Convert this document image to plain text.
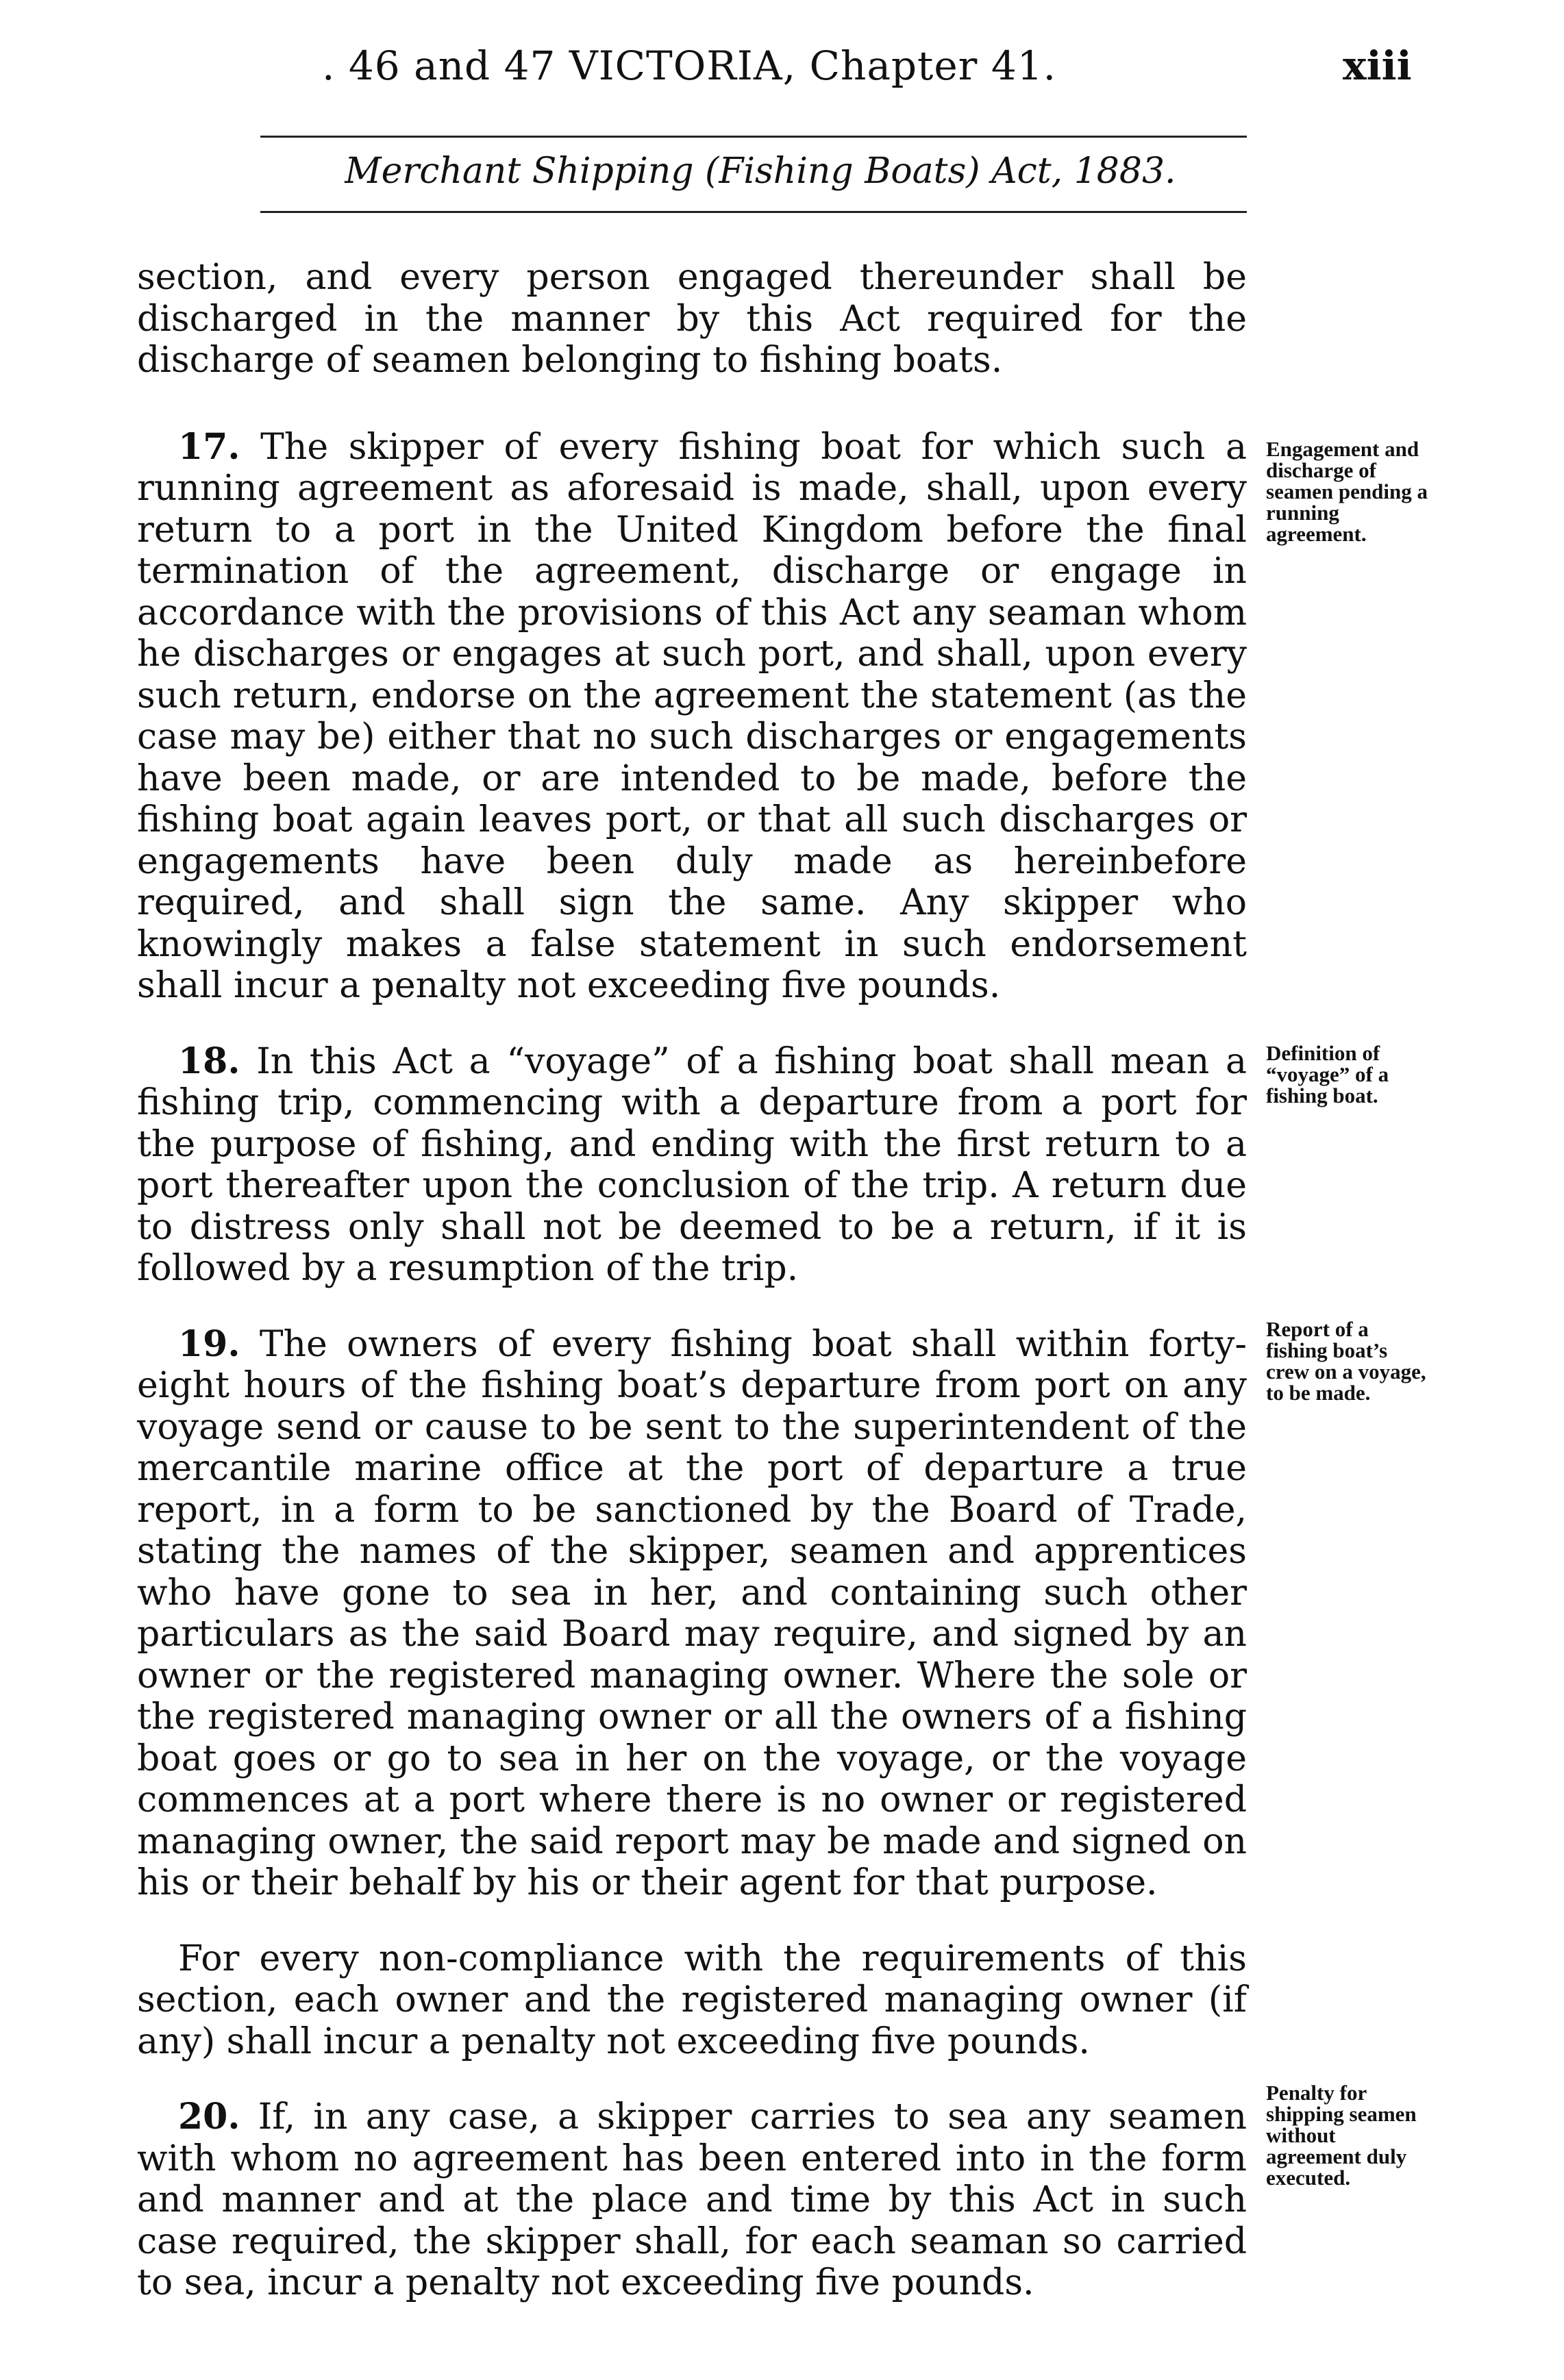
. 46 and 47 VICTORIA, Chapter 41.	xiii
Merchant Shipping (Fishing Boats) Act, 1883.

section, and every person engaged thereunder shall be discharged in the manner by this Act required for the discharge of seamen belonging to fishing boats.

17. The skipper of every fishing boat for which such a running agreement as aforesaid is made, shall, upon every return to a port in the United Kingdom before the final termination of the agreement, discharge or engage in accordance with the provisions of this Act any seaman whom he discharges or engages at such port, and shall, upon every such return, endorse on the agreement the statement (as the case may be) either that no such discharges or engagements have been made, or are intended to be made, before the fishing boat again leaves port, or that all such discharges or engagements have been duly made as hereinbefore required, and shall sign the same. Any skipper who knowingly makes a false statement in such endorsement shall incur a penalty not exceeding five pounds.

18. In this Act a “voyage” of a fishing boat shall mean a fishing trip, commencing with a departure from a port for the purpose of fishing, and ending with the first return to a port thereafter upon the conclusion of the trip. A return due to distress only shall not be deemed to be a return, if it is followed by a resumption of the trip.

19. The owners of every fishing boat shall within forty-eight hours of the fishing boat’s departure from port on any voyage send or cause to be sent to the superintendent of the mercantile marine office at the port of departure a true report, in a form to be sanctioned by the Board of Trade, stating the names of the skipper, seamen and apprentices who have gone to sea in her, and containing such other particulars as the said Board may require, and signed by an owner or the registered managing owner. Where the sole or the registered managing owner or all the owners of a fishing boat goes or go to sea in her on the voyage, or the voyage commences at a port where there is no owner or registered managing owner, the said report may be made and signed on his or their behalf by his or their agent for that purpose.

For every non-compliance with the requirements of this section, each owner and the registered managing owner (if any) shall incur a penalty not exceeding five pounds.

20. If, in any case, a skipper carries to sea any seamen with whom no agreement has been entered into in the form and manner and at the place and time by this Act in such case required, the skipper shall, for each seaman so carried to sea, incur a penalty not exceeding five pounds.

Engagement and discharge of seamen pending a running agreement.
Definition of “voyage” of a fishing boat.
Report of a fishing boat’s crew on a voyage, to be made.
Penalty for shipping seamen without agreement duly executed.
